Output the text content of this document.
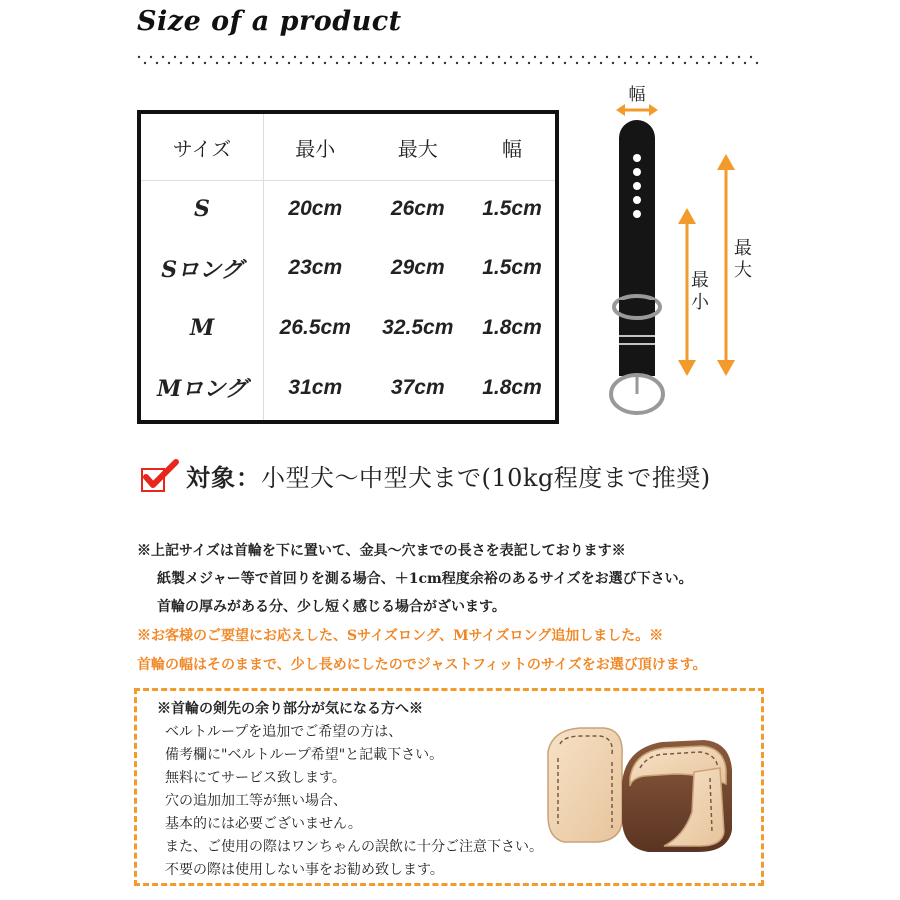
Size of a product
サイズ	最小	最大	幅
S	20cm	26cm	1.5cm
Sロング	23cm	29cm	1.5cm
M	26.5cm	32.5cm	1.8cm
Mロング	31cm	37cm	1.8cm
幅
最
小
最
大
対象： 小型犬～中型犬まで(10kg程度まで推奨)
※上記サイズは首輪を下に置いて、金具～穴までの長さを表記しております※
紙製メジャー等で首回りを測る場合、＋1cm程度余裕のあるサイズをお選び下さい。
首輪の厚みがある分、少し短く感じる場合がざいます。
※お客様のご要望にお応えした、Sサイズロング、Mサイズロング追加しました。※
首輪の幅はそのままで、少し長めにしたのでジャストフィットのサイズをお選び頂けます。
※首輪の剣先の余り部分が気になる方へ※
ベルトループを追加でご希望の方は、
備考欄に"ベルトループ希望"と記載下さい。
無料にてサービス致します。
穴の追加加工等が無い場合、
基本的には必要ございません。
また、ご使用の際はワンちゃんの誤飲に十分ご注意下さい。
不要の際は使用しない事をお勧め致します。
